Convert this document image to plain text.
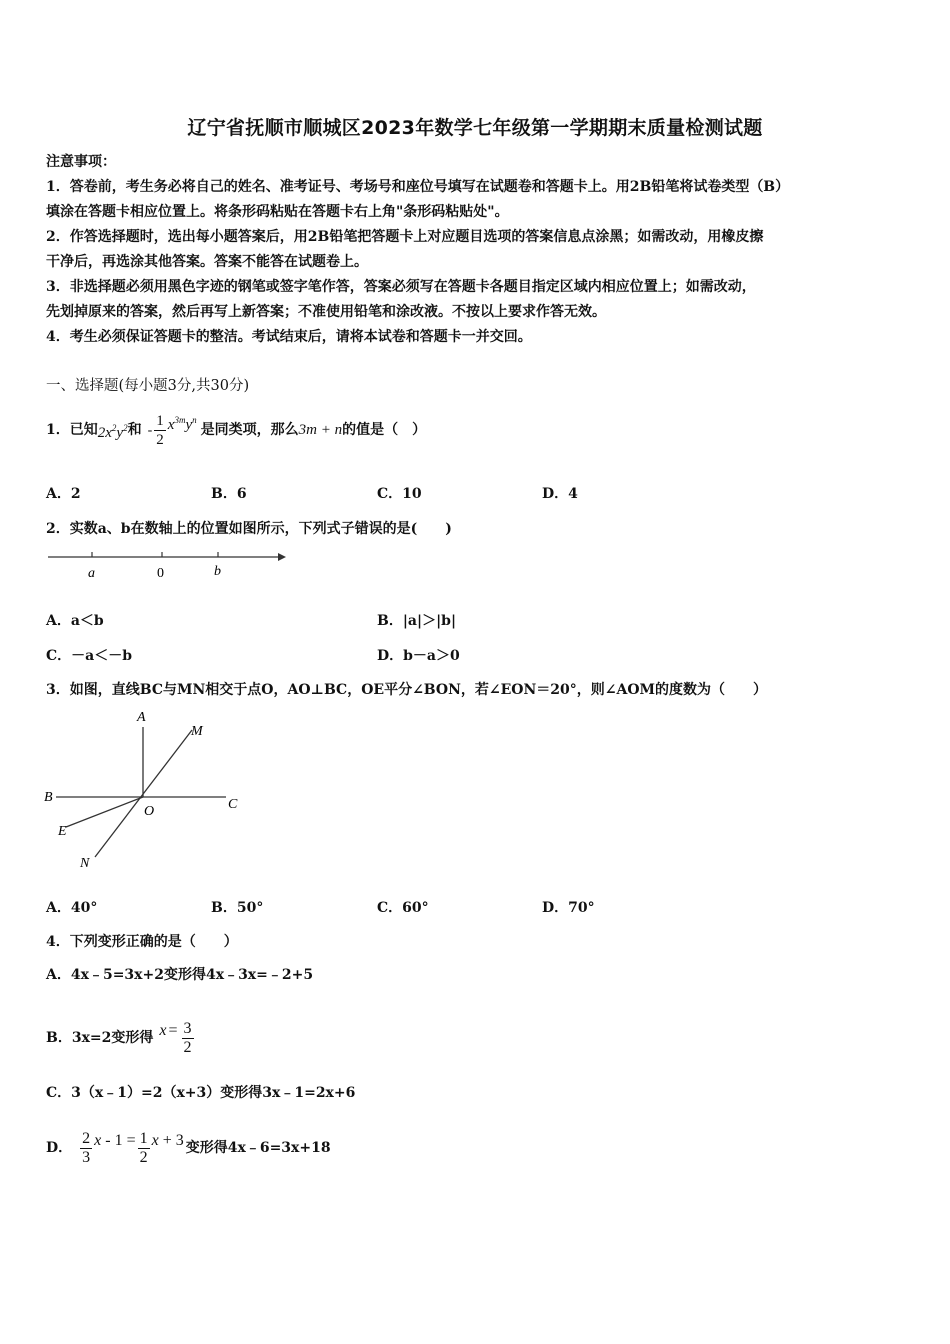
辽宁省抚顺市顺城区2023年数学七年级第一学期期末质量检测试题
注意事项：
1．答卷前，考生务必将自己的姓名、准考证号、考场号和座位号填写在试题卷和答题卡上。用2B铅笔将试卷类型（B）
填涂在答题卡相应位置上。将条形码粘贴在答题卡右上角"条形码粘贴处"。
2．作答选择题时，选出每小题答案后，用2B铅笔把答题卡上对应题目选项的答案信息点涂黑；如需改动，用橡皮擦
干净后，再选涂其他答案。答案不能答在试题卷上。
3．非选择题必须用黑色字迹的钢笔或签字笔作答，答案必须写在答题卡各题目指定区域内相应位置上；如需改动，
先划掉原来的答案，然后再写上新答案；不准使用铅笔和涂改液。不按以上要求作答无效。
4．考生必须保证答题卡的整洁。考试结束后，请将本试卷和答题卡一并交回。
一、选择题(每小题3分,共30分)
1．已知 $2x^2y^2$ 和 - $\frac{1}{2} x^{3m}y^n$
是同类项，那么 3m + n 的值是（　）
A．2	B．6	C．10	D．4
2．实数a、b在数轴上的位置如图所示，下列式子错误的是(　　)
a	0	b
A．a＜b	B．|a|＞|b|
C．－a＜－b	D．b－a＞0
3．如图，直线BC与MN相交于点O，AO⊥BC，OE平分∠BON，若∠EON＝20°，则∠AOM的度数为（　　）
A
M
B
O	C
E
N
A．40°	B．50°	C．60°	D．70°
4．下列变形正确的是（　　）
A．4x﹣5=3x+2变形得4x﹣3x=﹣2+5
B．3x=2变形得 $x = \frac{3}{2}$
C．3（x﹣1）=2（x+3）变形得3x﹣1=2x+6
D． $\frac{2}{3}$ $x - 1 = \frac{1}{2}$ x + 3 变形得4x﹣6=3x+18
